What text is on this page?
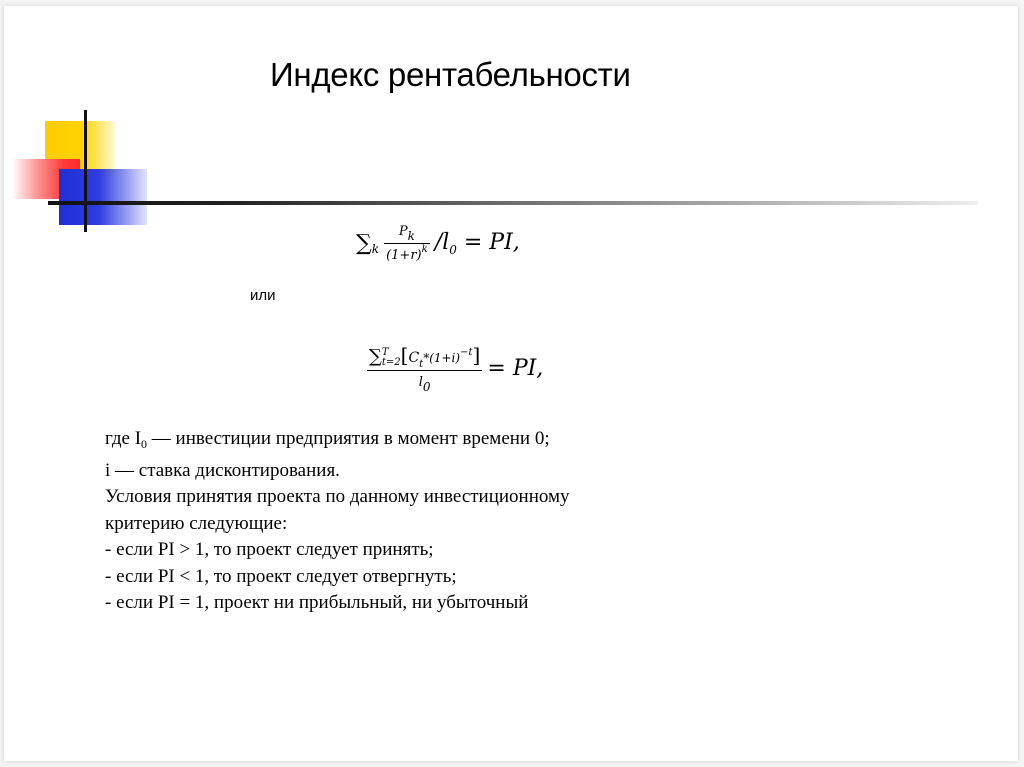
Индекс рентабельности
$\sum_k \frac{Pk}{(1+r)^k} /l_0$ = PI,
или
∑ T
t=2 $[C_t*(1+i)^{-t}]$
l0 = PI,

где $I_0$ — инвестиции предприятия в момент времени 0;

i — ставка дисконтирования.

Условия принятия проекта по данному инвестиционному

критерию следующие:

- если PI > 1, то проект следует принять;

- если PI < 1, то проект следует отвергнуть;

- если PI = 1, проект ни прибыльный, ни убыточный
